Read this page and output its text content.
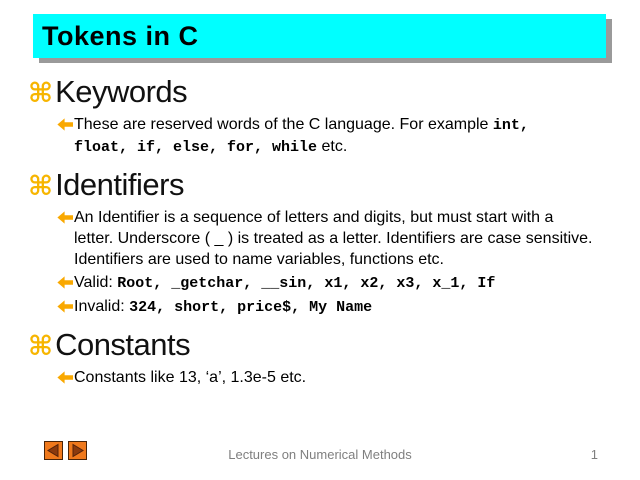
Tokens in C
⌘ Keywords
These are reserved words of the C language. For example int,
float, if, else, for, while etc.
⌘ Identifiers
An Identifier is a sequence of letters and digits, but must start with a
letter. Underscore ( _ ) is treated as a letter. Identifiers are case sensitive.
Identifiers are used to name variables, functions etc.
Valid: Root, _getchar, __sin, x1, x2, x3, x_1, If
Invalid: 324, short, price$, My Name
⌘ Constants
Constants like 13, ‘a’, 1.3e-5 etc.
Lectures on Numerical Methods	1
